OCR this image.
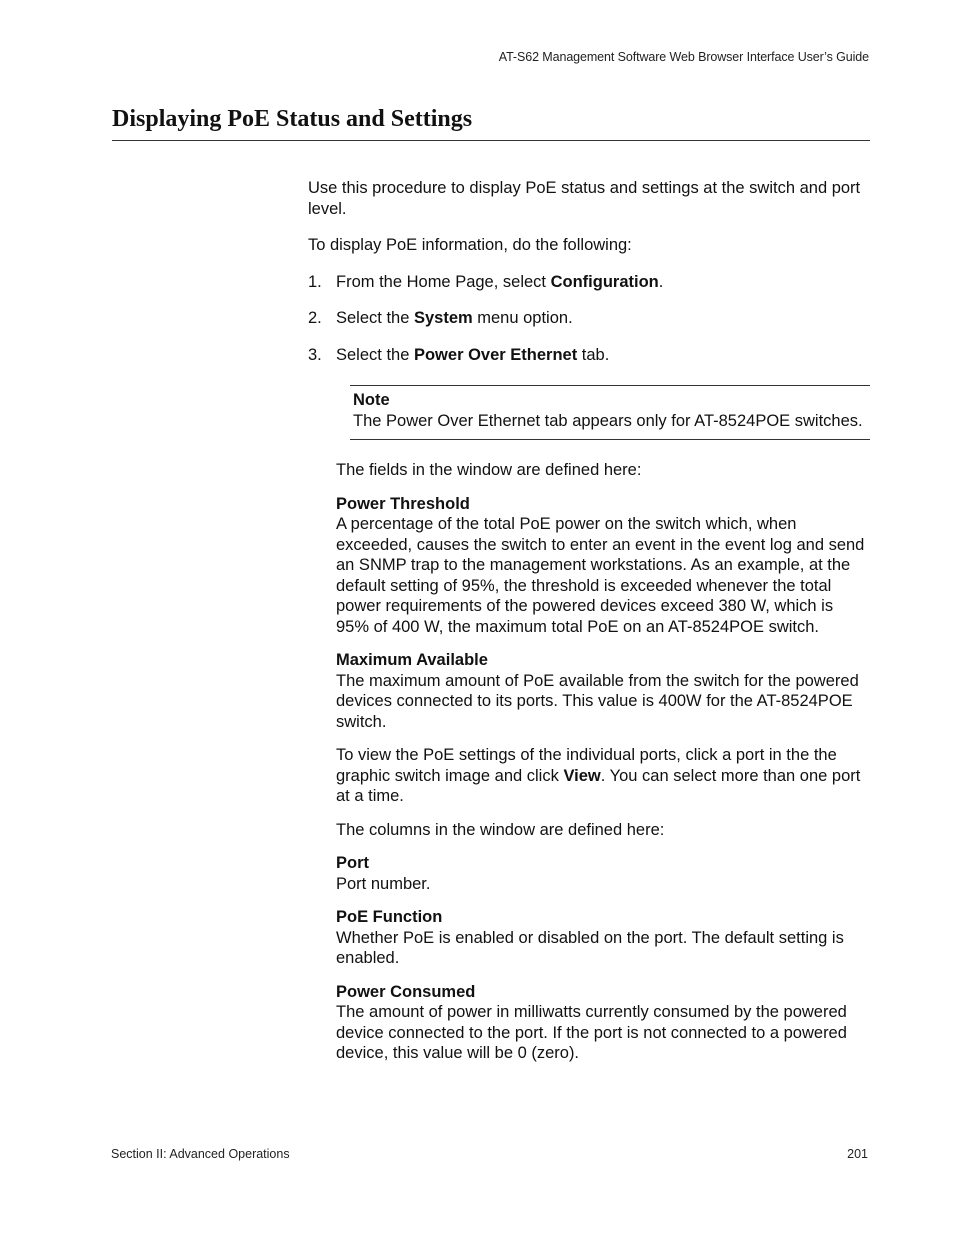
AT-S62 Management Software Web Browser Interface User’s Guide
Displaying PoE Status and Settings

Use this procedure to display PoE status and settings at the switch and port level.

To display PoE information, do the following:

1. From the Home Page, select Configuration.
2. Select the System menu option.
3. Select the Power Over Ethernet tab.
Note
The Power Over Ethernet tab appears only for AT-8524POE switches.

The fields in the window are defined here:

Power Threshold
A percentage of the total PoE power on the switch which, when exceeded, causes the switch to enter an event in the event log and send an SNMP trap to the management workstations. As an example, at the default setting of 95%, the threshold is exceeded whenever the total power requirements of the powered devices exceed 380 W, which is 95% of 400 W, the maximum total PoE on an AT-8524POE switch.
Maximum Available
The maximum amount of PoE available from the switch for the powered devices connected to its ports. This value is 400W for the AT-8524POE switch.

To view the PoE settings of the individual ports, click a port in the the graphic switch image and click View. You can select more than one port at a time.

The columns in the window are defined here:

Port
Port number.
PoE Function
Whether PoE is enabled or disabled on the port. The default setting is enabled.
Power Consumed
The amount of power in milliwatts currently consumed by the powered device connected to the port. If the port is not connected to a powered device, this value will be 0 (zero).
Section II: Advanced Operations	201
